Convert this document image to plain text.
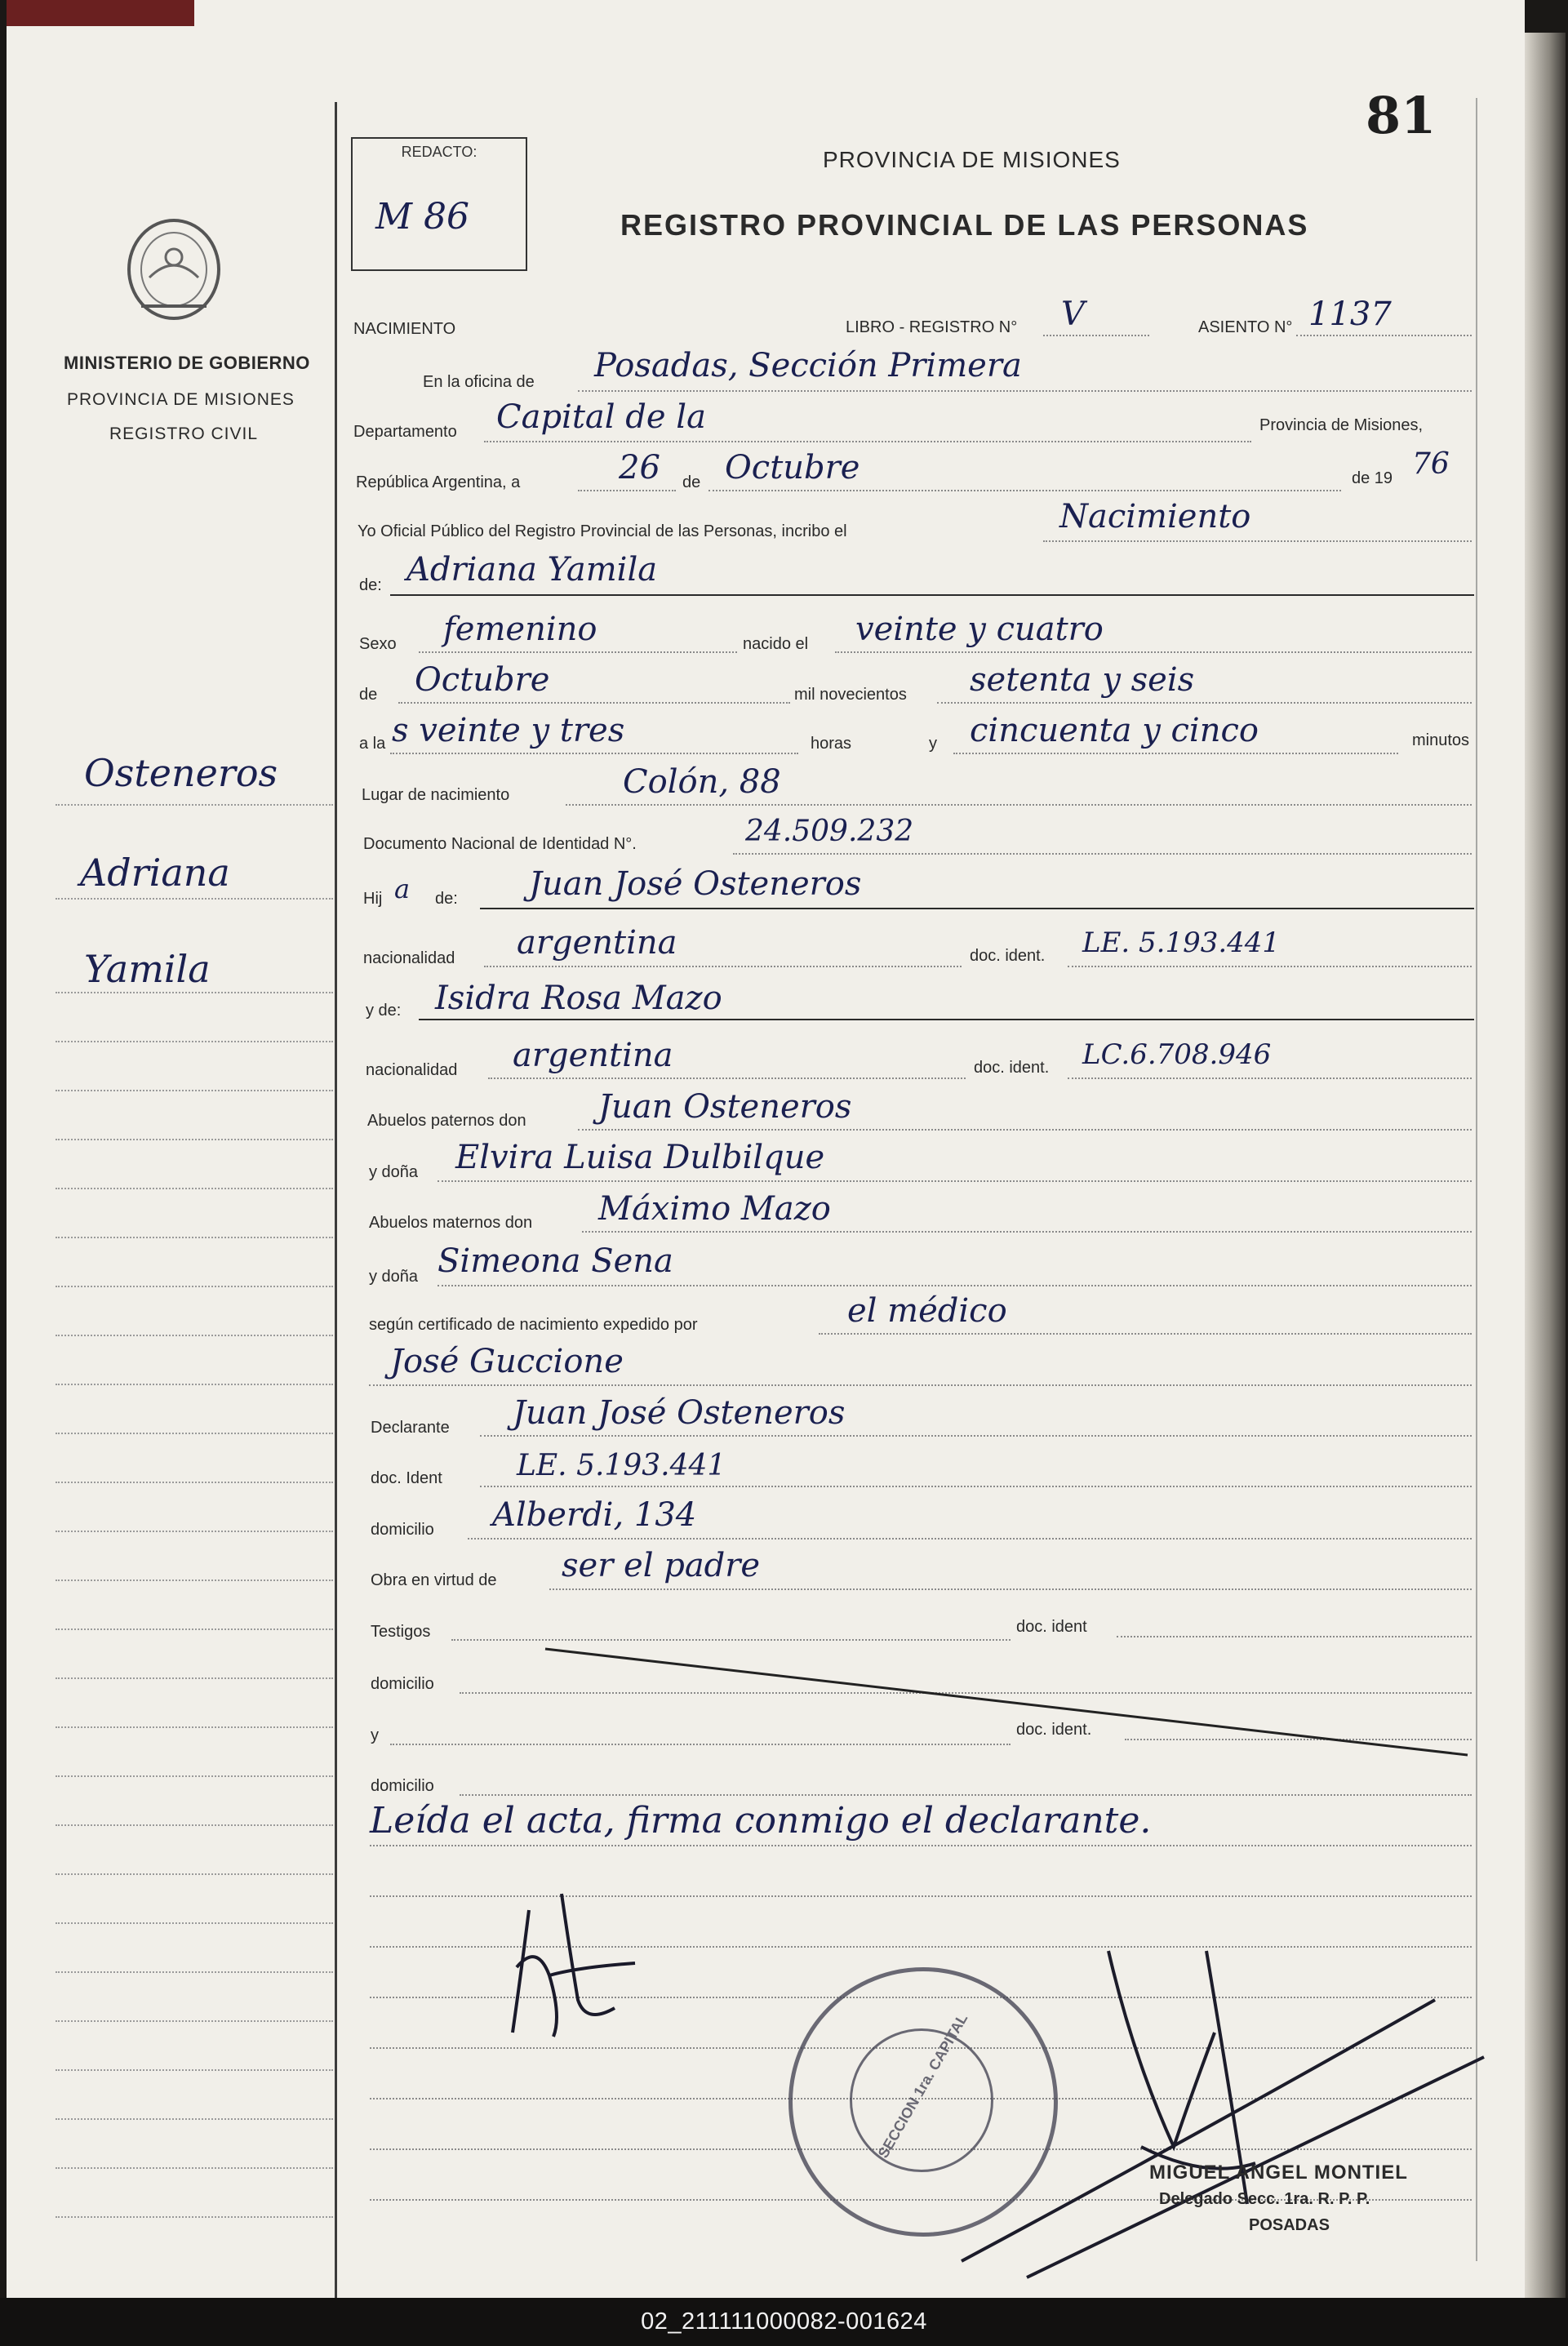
MINISTERIO DE GOBIERNO
PROVINCIA DE MISIONES
REGISTRO CIVIL
Osteneros
Adriana
Yamila
81
REDACTO:
M 86
PROVINCIA DE MISIONES
REGISTRO PROVINCIAL DE LAS PERSONAS
NACIMIENTO	LIBRO - REGISTRO N° V	ASIENTO N° 1137
En la oficina de Posadas, Sección Primera
Departamento Capital de la	Provincia de Misiones,
República Argentina, a	26 de Octubre	de 19 76
Yo Oficial Público del Registro Provincial de las Personas, incribo el	Nacimiento
de: Adriana Yamila
Sexo femenino	nacido el veinte y cuatro
de Octubre	mil novecientos setenta y seis
a la s veinte y tres	horas	y cincuenta y cinco	minutos
Lugar de nacimiento	Colón, 88
Documento Nacional de Identidad N°.	24.509.232
Hij a de: Juan José Osteneros
nacionalidad argentina	doc. ident. LE. 5.193.441
y de: Isidra Rosa Mazo
nacionalidad argentina	doc. ident. LC.6.708.946
Abuelos paternos don Juan Osteneros
y doña Elvira Luisa Dulbilque
Abuelos maternos don Máximo Mazo
y doña Simeona Sena
según certificado de nacimiento expedido por	el médico
José Guccione
Declarante Juan José Osteneros
doc. Ident	LE. 5.193.441
domicilio Alberdi, 134
Obra en virtud de ser el padre
Testigos	doc. ident
domicilio
y	doc. ident.
domicilio
Leída el acta, firma conmigo el declarante.
SECCION 1ra. CAPITAL
MIGUEL ANGEL MONTIEL
Delegado Secc. 1ra. R. P. P.
POSADAS
02_211111000082-001624
